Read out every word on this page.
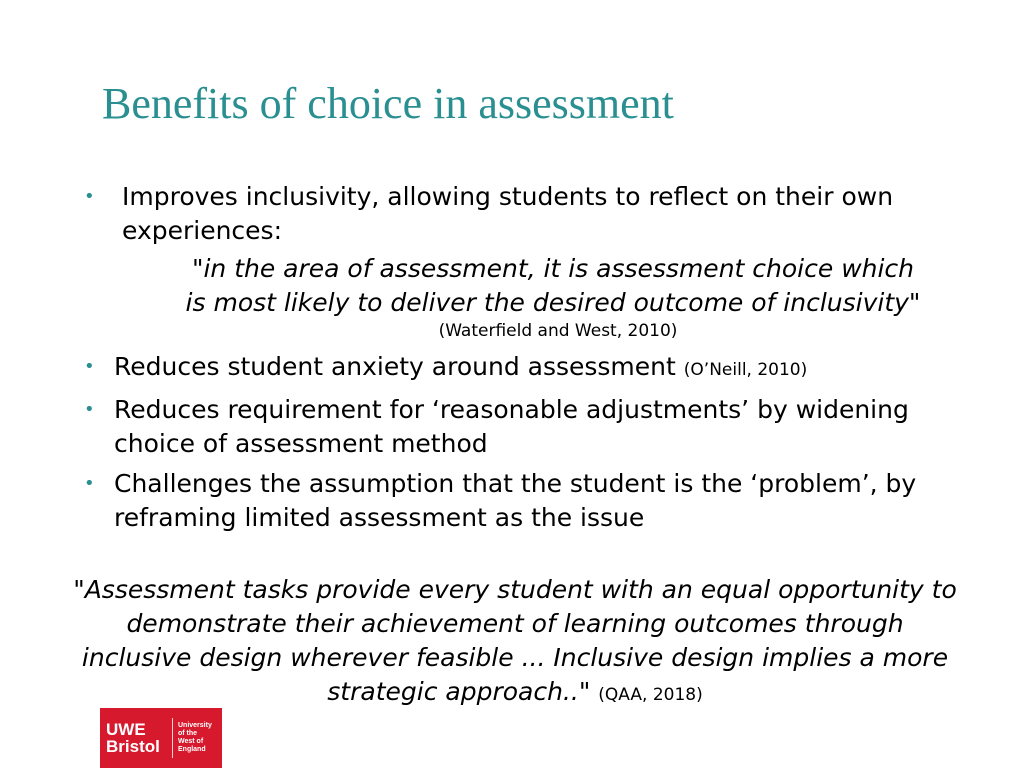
Benefits of choice in assessment
• Improves inclusivity, allowing students to reflect on their own experiences:
"in the area of assessment, it is assessment choice which is most likely to deliver the desired outcome of inclusivity"
(Waterfield and West, 2010)
• Reduces student anxiety around assessment (O’Neill, 2010)
• Reduces requirement for ‘reasonable adjustments’ by widening choice of assessment method
• Challenges the assumption that the student is the ‘problem’, by reframing limited assessment as the issue
"Assessment tasks provide every student with an equal opportunity to demonstrate their achievement of learning outcomes through inclusive design wherever feasible ... Inclusive design implies a more strategic approach.." (QAA, 2018)
UWE
Bristol
University
of the
West of
England
